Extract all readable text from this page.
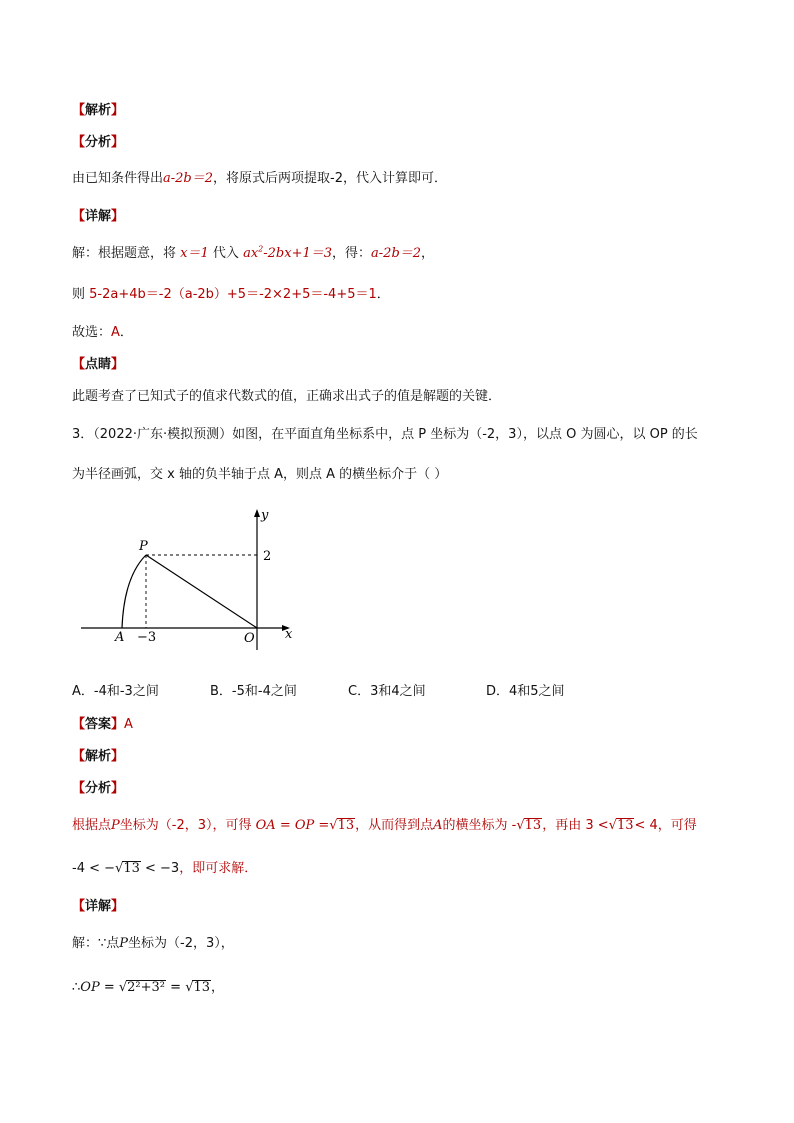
【解析】
【分析】
由已知条件得出a-2b＝2，将原式后两项提取-2，代入计算即可．
【详解】
解：根据题意，将 x＝1 代入 $ax^2-2bx+1=3$，得：a-2b＝2，
则 5-2a+4b＝-2（a-2b）+5＝-2×2+5＝-4+5＝1．
故选：A．
【点睛】
此题考查了已知式子的值求代数式的值，正确求出式子的值是解题的关键．
3．（2022·广东·模拟预测）如图，在平面直角坐标系中，点 P 坐标为（-2，3），以点 O 为圆心，以 OP 的长
为半径画弧，交 x 轴的负半轴于点 A，则点 A 的横坐标介于（ ）
y
x
P
2
A −3	O
A．-4和-3之间	B．-5和-4之间	C．3和4之间	D．4和5之间
【答案】A
【解析】
【分析】
根据点P坐标为（-2，3），可得 OA = OP =√13，从而得到点A的横坐标为 -√13，再由 3 <√13< 4，可得
-4 < −√13 < −3，即可求解．
【详解】
解：∵点P坐标为（-2，3），
∴OP = √2²+3² = √13，
